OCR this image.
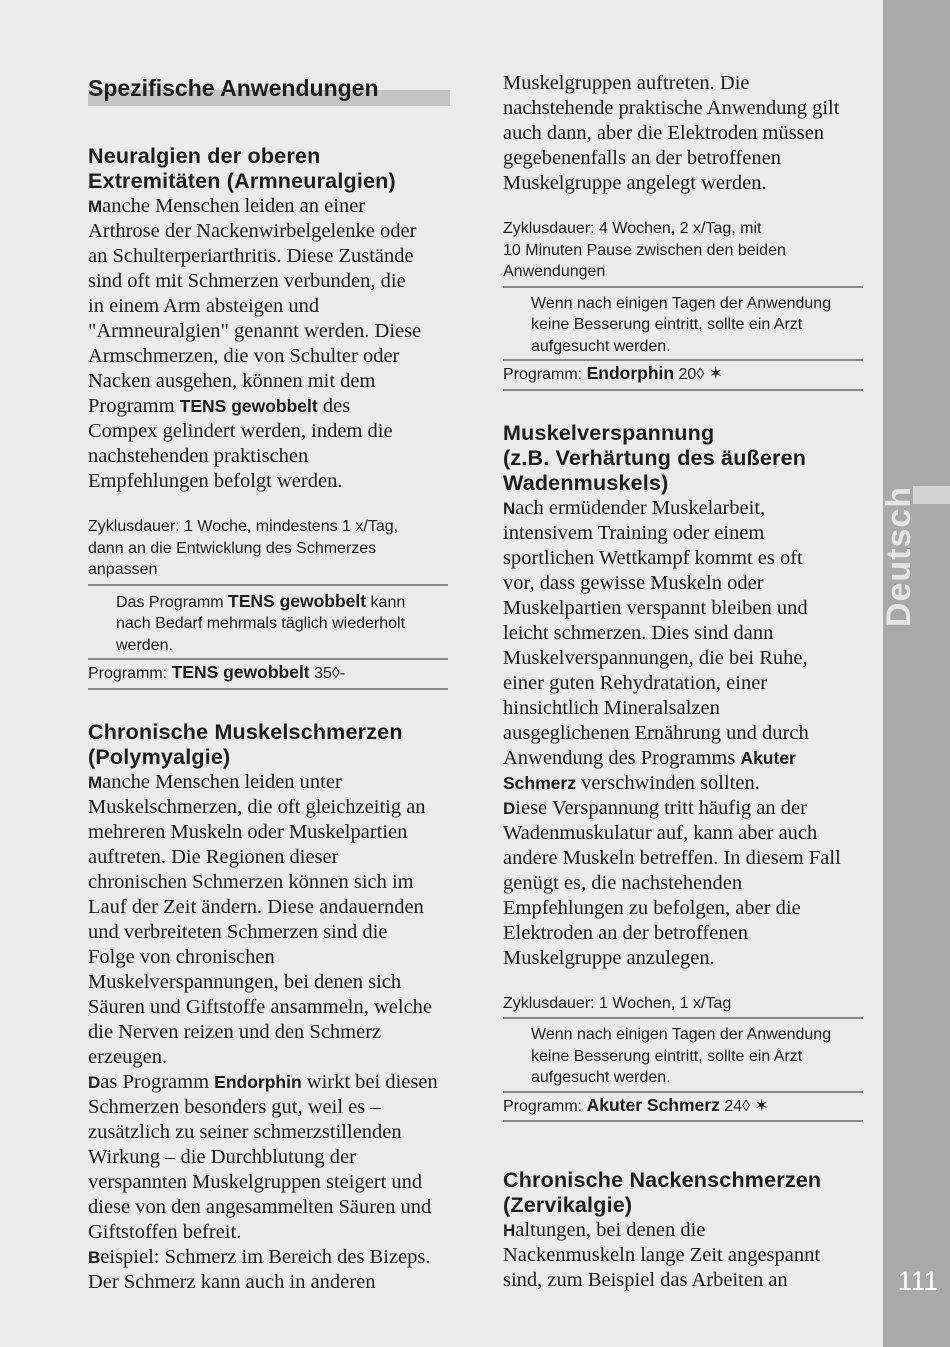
Deutsch
111
Spezifische Anwendungen
Neuralgien der oberen
Extremitäten (Armneuralgien)

Manche Menschen leiden an einer
Arthrose der Nackenwirbelgelenke oder
an Schulterperiarthritis. Diese Zustände
sind oft mit Schmerzen verbunden, die
in einem Arm absteigen und
"Armneuralgien" genannt werden. Diese
Armschmerzen, die von Schulter oder
Nacken ausgehen, können mit dem
Programm TENS gewobbelt des
Compex gelindert werden, indem die
nachstehenden praktischen
Empfehlungen befolgt werden.

Zyklusdauer: 1 Woche, mindestens 1 x/Tag,
dann an die Entwicklung des Schmerzes
anpassen

Das Programm TENS gewobbelt kann
nach Bedarf mehrmals täglich wiederholt
werden.

Programm: TENS gewobbelt 35◊-

Chronische Muskelschmerzen
(Polymyalgie)

Manche Menschen leiden unter
Muskelschmerzen, die oft gleichzeitig an
mehreren Muskeln oder Muskelpartien
auftreten. Die Regionen dieser
chronischen Schmerzen können sich im
Lauf der Zeit ändern. Diese andauernden
und verbreiteten Schmerzen sind die
Folge von chronischen
Muskelverspannungen, bei denen sich
Säuren und Giftstoffe ansammeln, welche
die Nerven reizen und den Schmerz
erzeugen.
Das Programm Endorphin wirkt bei diesen
Schmerzen besonders gut, weil es –
zusätzlich zu seiner schmerzstillenden
Wirkung – die Durchblutung der
verspannten Muskelgruppen steigert und
diese von den angesammelten Säuren und
Giftstoffen befreit.
Beispiel: Schmerz im Bereich des Bizeps.
Der Schmerz kann auch in anderen

Muskelgruppen auftreten. Die
nachstehende praktische Anwendung gilt
auch dann, aber die Elektroden müssen
gegebenenfalls an der betroffenen
Muskelgruppe angelegt werden.

Zyklusdauer: 4 Wochen, 2 x/Tag, mit
10 Minuten Pause zwischen den beiden
Anwendungen

Wenn nach einigen Tagen der Anwendung
keine Besserung eintritt, sollte ein Arzt
aufgesucht werden.

Programm: Endorphin 20◊ ✶

Muskelverspannung
(z.B. Verhärtung des äußeren
Wadenmuskels)

Nach ermüdender Muskelarbeit,
intensivem Training oder einem
sportlichen Wettkampf kommt es oft
vor, dass gewisse Muskeln oder
Muskelpartien verspannt bleiben und
leicht schmerzen. Dies sind dann
Muskelverspannungen, die bei Ruhe,
einer guten Rehydratation, einer
hinsichtlich Mineralsalzen
ausgeglichenen Ernährung und durch
Anwendung des Programms Akuter
Schmerz verschwinden sollten.
Diese Verspannung tritt häufig an der
Wadenmuskulatur auf, kann aber auch
andere Muskeln betreffen. In diesem Fall
genügt es, die nachstehenden
Empfehlungen zu befolgen, aber die
Elektroden an der betroffenen
Muskelgruppe anzulegen.

Zyklusdauer: 1 Wochen, 1 x/Tag

Wenn nach einigen Tagen der Anwendung
keine Besserung eintritt, sollte ein Arzt
aufgesucht werden.

Programm: Akuter Schmerz 24◊ ✶

Chronische Nackenschmerzen
(Zervikalgie)

Haltungen, bei denen die
Nackenmuskeln lange Zeit angespannt
sind, zum Beispiel das Arbeiten an
